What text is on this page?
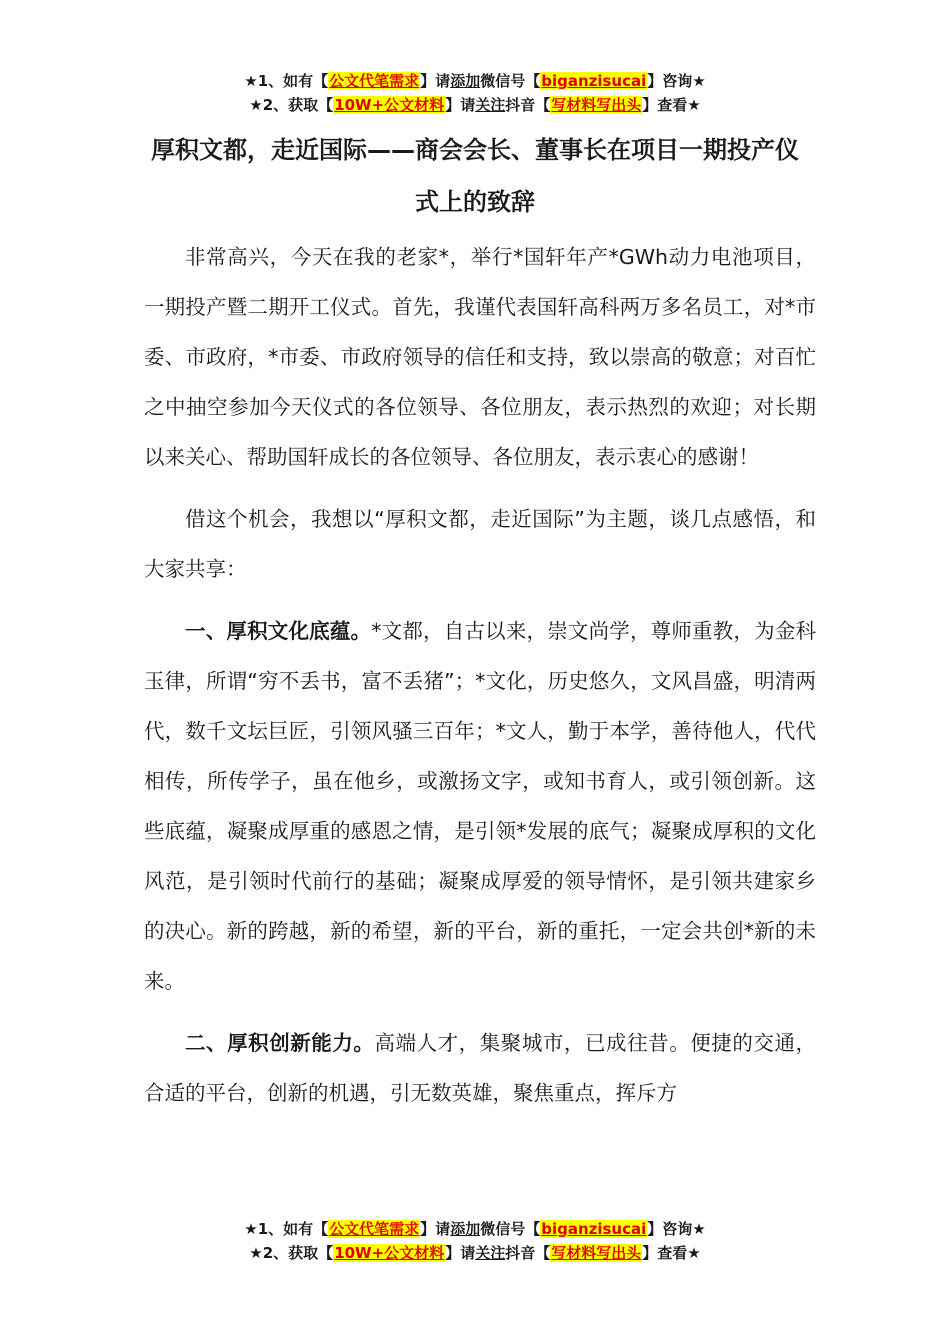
★1、如有【公文代笔需求】请添加微信号【biganzisucai】咨询★
★2、获取【10W+公文材料】请关注抖音【写材料写出头】查看★
厚积文都，走近国际——商会会长、董事长在项目一期投产仪式上的致辞

非常高兴，今天在我的老家*，举行*国轩年产*GWh动力电池项目，一期投产暨二期开工仪式。首先，我谨代表国轩高科两万多名员工，对*市委、市政府，*市委、市政府领导的信任和支持，致以崇高的敬意；对百忙之中抽空参加今天仪式的各位领导、各位朋友，表示热烈的欢迎；对长期以来关心、帮助国轩成长的各位领导、各位朋友，表示衷心的感谢！

借这个机会，我想以“厚积文都，走近国际”为主题，谈几点感悟，和大家共享：

一、厚积文化底蕴。*文都，自古以来，崇文尚学，尊师重教，为金科玉律，所谓“穷不丢书，富不丢猪”；*文化，历史悠久，文风昌盛，明清两代，数千文坛巨匠，引领风骚三百年；*文人，勤于本学，善待他人，代代相传，所传学子，虽在他乡，或激扬文字，或知书育人，或引领创新。这些底蕴，凝聚成厚重的感恩之情，是引领*发展的底气；凝聚成厚积的文化风范，是引领时代前行的基础；凝聚成厚爱的领导情怀，是引领共建家乡的决心。新的跨越，新的希望，新的平台，新的重托，一定会共创*新的未来。

二、厚积创新能力。高端人才，集聚城市，已成往昔。便捷的交通，合适的平台，创新的机遇，引无数英雄，聚焦重点，挥斥方

★1、如有【公文代笔需求】请添加微信号【biganzisucai】咨询★
★2、获取【10W+公文材料】请关注抖音【写材料写出头】查看★
